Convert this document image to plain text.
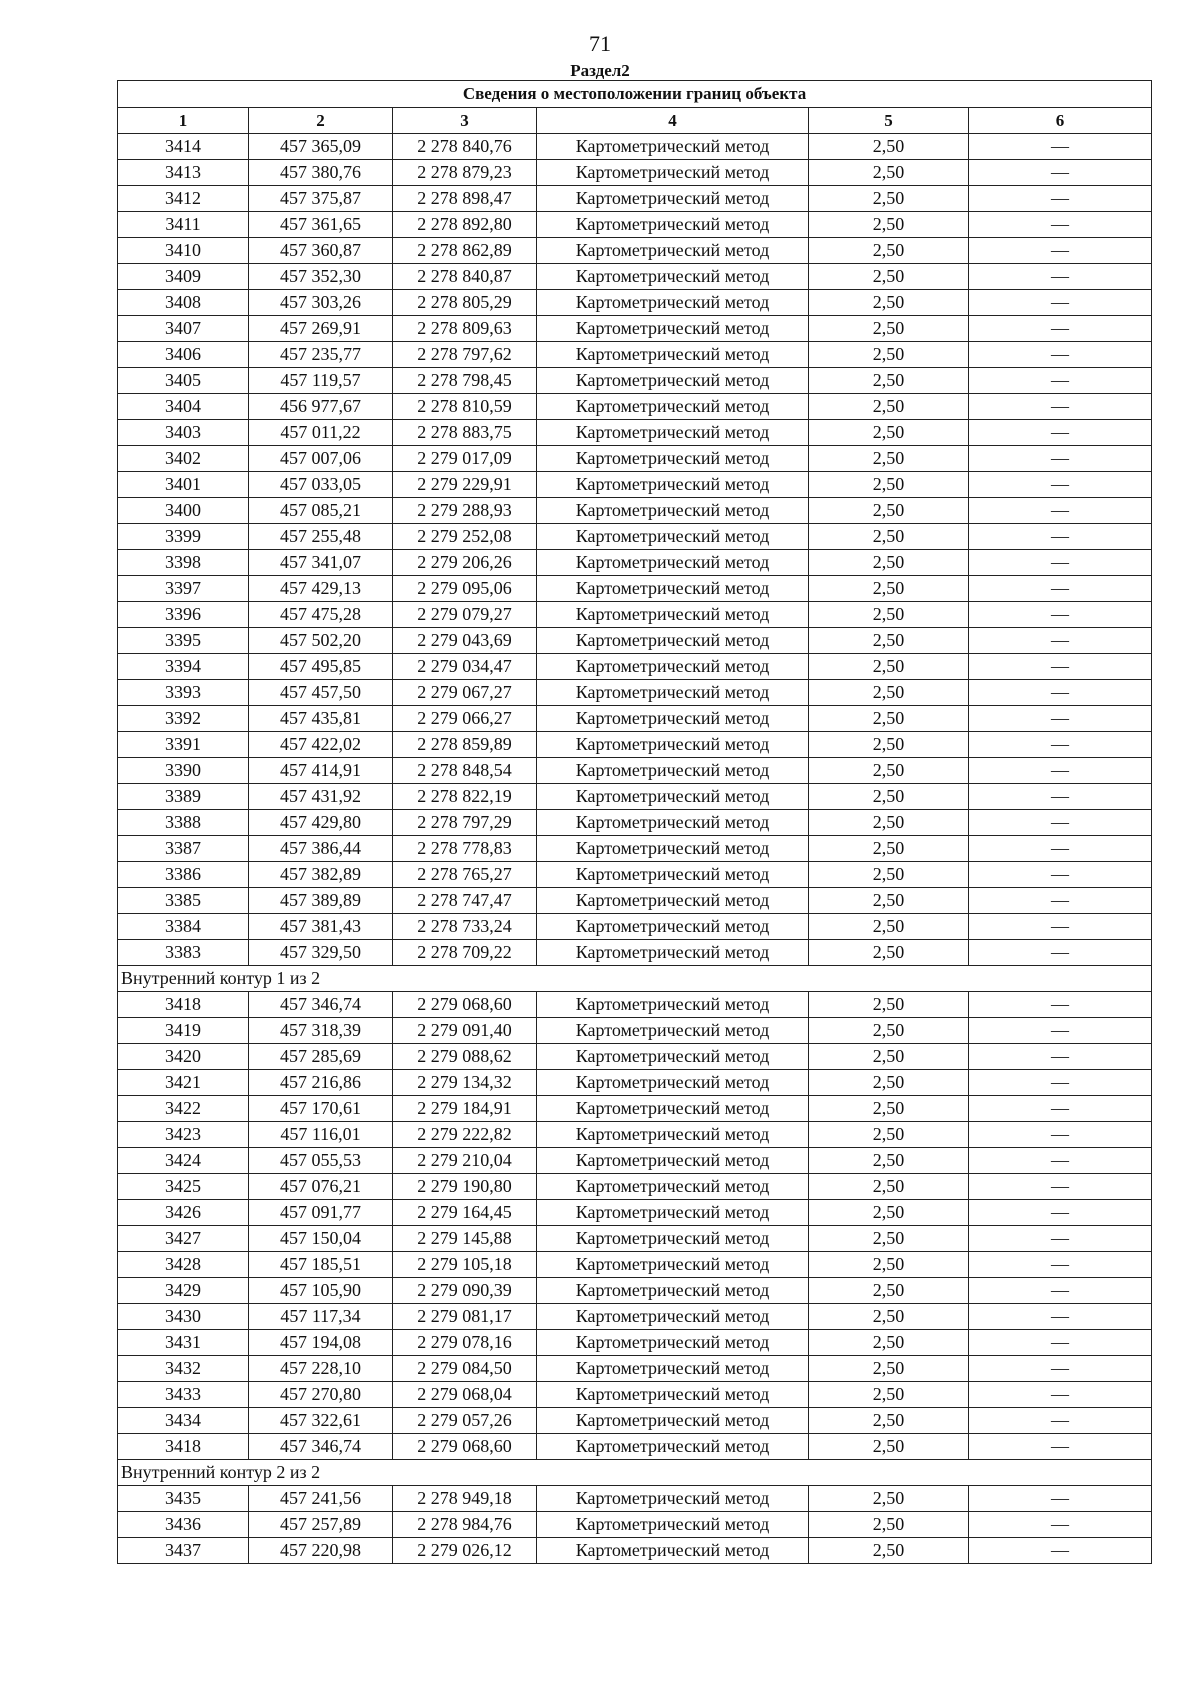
71
Раздел2
Сведения о местоположении границ объекта					
1	2	3	4	5	6
3414	457 365,09	2 278 840,76	Картометрический метод	2,50	—
3413	457 380,76	2 278 879,23	Картометрический метод	2,50	—
3412	457 375,87	2 278 898,47	Картометрический метод	2,50	—
3411	457 361,65	2 278 892,80	Картометрический метод	2,50	—
3410	457 360,87	2 278 862,89	Картометрический метод	2,50	—
3409	457 352,30	2 278 840,87	Картометрический метод	2,50	—
3408	457 303,26	2 278 805,29	Картометрический метод	2,50	—
3407	457 269,91	2 278 809,63	Картометрический метод	2,50	—
3406	457 235,77	2 278 797,62	Картометрический метод	2,50	—
3405	457 119,57	2 278 798,45	Картометрический метод	2,50	—
3404	456 977,67	2 278 810,59	Картометрический метод	2,50	—
3403	457 011,22	2 278 883,75	Картометрический метод	2,50	—
3402	457 007,06	2 279 017,09	Картометрический метод	2,50	—
3401	457 033,05	2 279 229,91	Картометрический метод	2,50	—
3400	457 085,21	2 279 288,93	Картометрический метод	2,50	—
3399	457 255,48	2 279 252,08	Картометрический метод	2,50	—
3398	457 341,07	2 279 206,26	Картометрический метод	2,50	—
3397	457 429,13	2 279 095,06	Картометрический метод	2,50	—
3396	457 475,28	2 279 079,27	Картометрический метод	2,50	—
3395	457 502,20	2 279 043,69	Картометрический метод	2,50	—
3394	457 495,85	2 279 034,47	Картометрический метод	2,50	—
3393	457 457,50	2 279 067,27	Картометрический метод	2,50	—
3392	457 435,81	2 279 066,27	Картометрический метод	2,50	—
3391	457 422,02	2 278 859,89	Картометрический метод	2,50	—
3390	457 414,91	2 278 848,54	Картометрический метод	2,50	—
3389	457 431,92	2 278 822,19	Картометрический метод	2,50	—
3388	457 429,80	2 278 797,29	Картометрический метод	2,50	—
3387	457 386,44	2 278 778,83	Картометрический метод	2,50	—
3386	457 382,89	2 278 765,27	Картометрический метод	2,50	—
3385	457 389,89	2 278 747,47	Картометрический метод	2,50	—
3384	457 381,43	2 278 733,24	Картометрический метод	2,50	—
3383	457 329,50	2 278 709,22	Картометрический метод	2,50	—
Внутренний контур 1 из 2					
3418	457 346,74	2 279 068,60	Картометрический метод	2,50	—
3419	457 318,39	2 279 091,40	Картометрический метод	2,50	—
3420	457 285,69	2 279 088,62	Картометрический метод	2,50	—
3421	457 216,86	2 279 134,32	Картометрический метод	2,50	—
3422	457 170,61	2 279 184,91	Картометрический метод	2,50	—
3423	457 116,01	2 279 222,82	Картометрический метод	2,50	—
3424	457 055,53	2 279 210,04	Картометрический метод	2,50	—
3425	457 076,21	2 279 190,80	Картометрический метод	2,50	—
3426	457 091,77	2 279 164,45	Картометрический метод	2,50	—
3427	457 150,04	2 279 145,88	Картометрический метод	2,50	—
3428	457 185,51	2 279 105,18	Картометрический метод	2,50	—
3429	457 105,90	2 279 090,39	Картометрический метод	2,50	—
3430	457 117,34	2 279 081,17	Картометрический метод	2,50	—
3431	457 194,08	2 279 078,16	Картометрический метод	2,50	—
3432	457 228,10	2 279 084,50	Картометрический метод	2,50	—
3433	457 270,80	2 279 068,04	Картометрический метод	2,50	—
3434	457 322,61	2 279 057,26	Картометрический метод	2,50	—
3418	457 346,74	2 279 068,60	Картометрический метод	2,50	—
Внутренний контур 2 из 2					
3435	457 241,56	2 278 949,18	Картометрический метод	2,50	—
3436	457 257,89	2 278 984,76	Картометрический метод	2,50	—
3437	457 220,98	2 279 026,12	Картометрический метод	2,50	—
